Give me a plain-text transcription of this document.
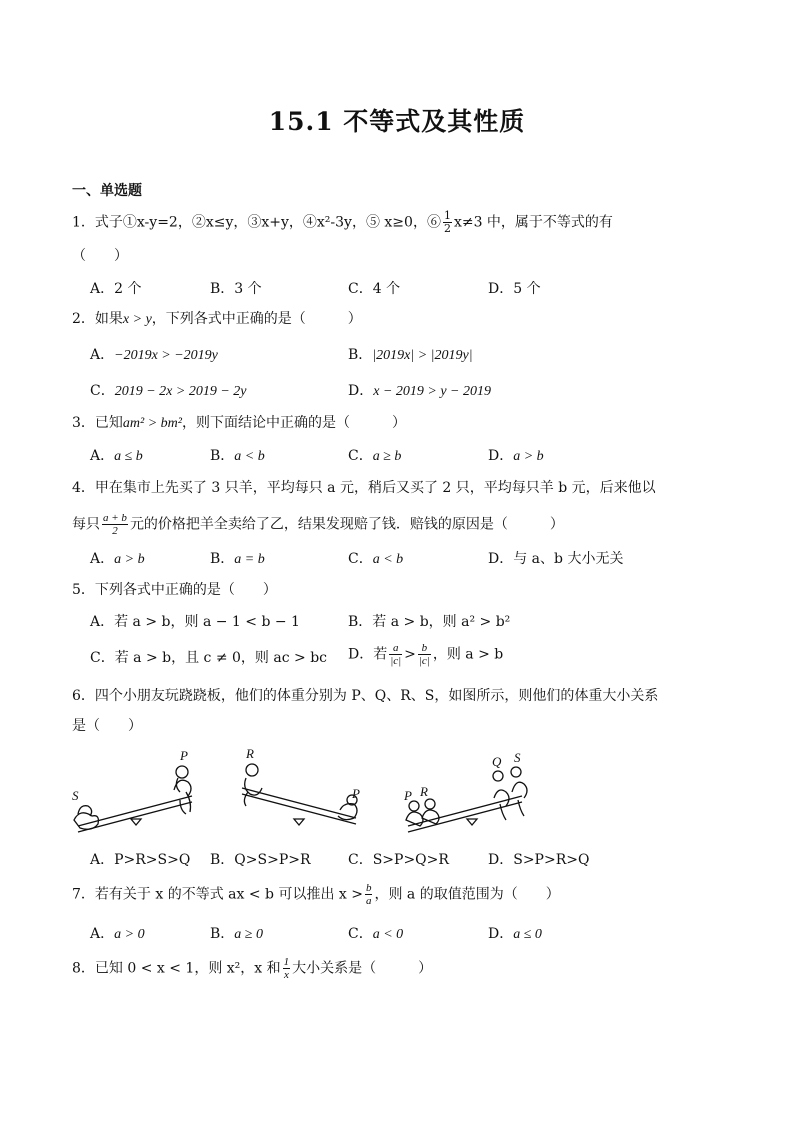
15.1 不等式及其性质
一、单选题
1．式子①x-y=2，②x≤y，③x+y，④x²-3y，⑤ x≥0，⑥ $\frac{1}{2} x\ne 3$ 中，属于不等式的有
（　　）
A．2 个	B．3 个	C．4 个	D．5 个
2．如果x > y，下列各式中正确的是（　　　）
A．−2019x > −2019y	B．|2019x| > |2019y|
C．2019 − 2x > 2019 − 2y	D．x − 2019 > y − 2019
3．已知am² > bm²，则下面结论中正确的是（　　　）
A．a ≤ b	B．a < b	C．a ≥ b	D．a > b
4．甲在集市上先买了 3 只羊，平均每只 a 元，稍后又买了 2 只，平均每只羊 b 元，后来他以
每只 $\frac{a + b}{2}$ 元的价格把羊全卖给了乙，结果发现赔了钱．赔钱的原因是（　　　）
A．a > b	B．a = b	C．a < b	D．与 a、b 大小无关
5．下列各式中正确的是（　　）
A．若 a > b，则 a − 1 < b − 1	B．若 a > b，则 a² > b²
C．若 a > b，且 c ≠ 0，则 ac > bc D．若 $\frac{a}{|c|} > \frac{b}{|c|}$ ，则 a > b
6．四个小朋友玩跷跷板，他们的体重分别为 P、Q、R、S，如图所示，则他们的体重大小关系
是（　　）
S
P	R
P	P R
Q S
A．P>R>S>Q B．Q>S>P>R	C．S>P>Q>R	D．S>P>R>Q
7．若有关于 x 的不等式 ax < b 可以推出 $x > \frac{b}{a}$ ，则 a 的取值范围为（　　）
A．a > 0	B．a ≥ 0	C．a < 0	D．a ≤ 0
8．已知 0 < x < 1，则 x²，x 和 $\frac{1}{x}$ 大小关系是（　　　）
